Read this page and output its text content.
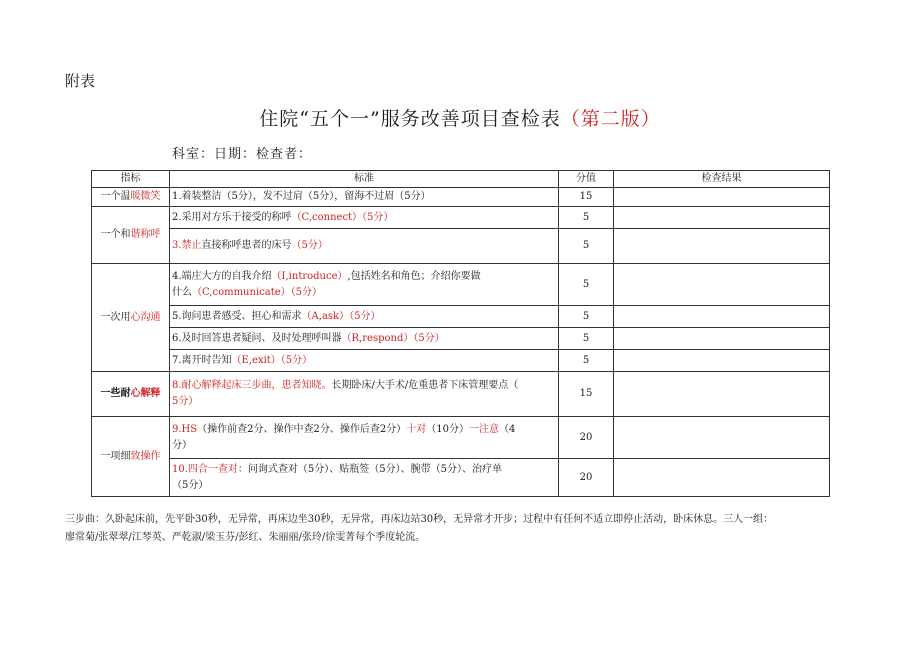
附表
住院“五个一”服务改善项目查检表（第二版）
科室：日期：检查者：
指标	标准	分值	检查结果
一个温暖微笑	1.着装整洁（5分），发不过肩（5分），留海不过眉（5分）	15	
一个和谐称呼	2.采用对方乐于接受的称呼（C,connect）（5分）	5	
	3.禁止直接称呼患者的床号（5分）	5	
一次用心沟通	4.端庄大方的自我介绍（I,introduce）,包括姓名和角色；介绍你要做
什么（C,communicate）（5分）	5	
	5.询问患者感受、担心和需求（A,ask）（5分）	5	
	6.及时回答患者疑问、及时处理呼叫器（R,respond）（5分）	5	
	7.离开时告知（E,exit）（5分）	5	
一些耐心解释	8.耐心解释起床三步曲，患者知晓。长期卧床/大手术/危重患者下床管理要点（
5分）	15	
一项细致操作	9.HS（操作前查2分、操作中查2分、操作后查2分）十对（10分）一注意（4
分）	20	
	10.四合一查对：问询式查对（5分）、贴瓶签（5分）、腕带（5分）、治疗单
（5分）	20	
三步曲：久卧起床前，先平卧30秒，无异常，再床边坐30秒，无异常，再床边站30秒，无异常才开步；过程中有任何不适立即停止活动，卧床休息。三人一组：
廖常菊/张翠翠/江琴英、严乾淑/梁玉芬/彭红、朱丽丽/张玲/徐雯菁每个季度轮流。
